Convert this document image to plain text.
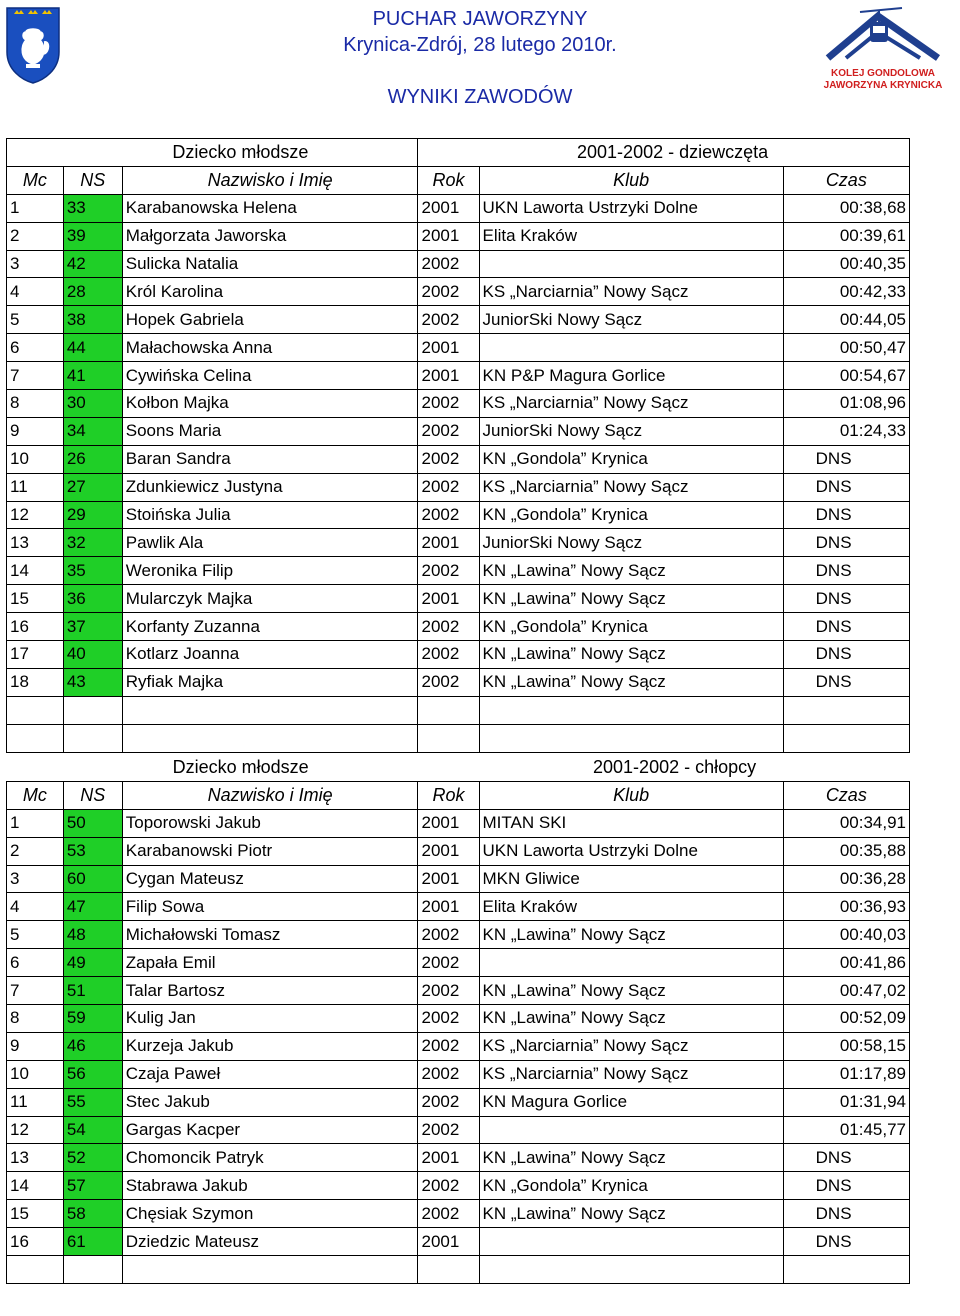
PUCHAR JAWORZYNY
Krynica-Zdrój, 28 lutego 2010r.
WYNIKI ZAWODÓW
KOLEJ GONDOLOWA
JAWORZYNA KRYNICKA
	Dziecko młodsze			2001-2002 - dziewczęta	
Mc	NS	Nazwisko i Imię	Rok	Klub	Czas
1	33	Karabanowska Helena	2001	UKN Laworta Ustrzyki Dolne	00:38,68
2	39	Małgorzata Jaworska	2001	Elita Kraków	00:39,61
3	42	Sulicka Natalia	2002		00:40,35
4	28	Król Karolina	2002	KS „Narciarnia” Nowy Sącz	00:42,33
5	38	Hopek Gabriela	2002	JuniorSki Nowy Sącz	00:44,05
6	44	Małachowska Anna	2001		00:50,47
7	41	Cywińska Celina	2001	KN P&P Magura Gorlice	00:54,67
8	30	Kołbon Majka	2002	KS „Narciarnia” Nowy Sącz	01:08,96
9	34	Soons Maria	2002	JuniorSki Nowy Sącz	01:24,33
10	26	Baran Sandra	2002	KN „Gondola” Krynica	DNS
11	27	Zdunkiewicz Justyna	2002	KS „Narciarnia” Nowy Sącz	DNS
12	29	Stoińska Julia	2002	KN „Gondola” Krynica	DNS
13	32	Pawlik Ala	2001	JuniorSki Nowy Sącz	DNS
14	35	Weronika Filip	2002	KN „Lawina” Nowy Sącz	DNS
15	36	Mularczyk Majka	2001	KN „Lawina” Nowy Sącz	DNS
16	37	Korfanty Zuzanna	2002	KN „Gondola” Krynica	DNS
17	40	Kotlarz Joanna	2002	KN „Lawina” Nowy Sącz	DNS
18	43	Ryfiak Majka	2002	KN „Lawina” Nowy Sącz	DNS

	Dziecko młodsze			2001-2002 - chłopcy	
Mc	NS	Nazwisko i Imię	Rok	Klub	Czas
1	50	Toporowski Jakub	2001	MITAN SKI	00:34,91
2	53	Karabanowski Piotr	2001	UKN Laworta Ustrzyki Dolne	00:35,88
3	60	Cygan Mateusz	2001	MKN Gliwice	00:36,28
4	47	Filip Sowa	2001	Elita Kraków	00:36,93
5	48	Michałowski Tomasz	2002	KN „Lawina” Nowy Sącz	00:40,03
6	49	Zapała Emil	2002		00:41,86
7	51	Talar Bartosz	2002	KN „Lawina” Nowy Sącz	00:47,02
8	59	Kulig Jan	2002	KN „Lawina” Nowy Sącz	00:52,09
9	46	Kurzeja Jakub	2002	KS „Narciarnia” Nowy Sącz	00:58,15
10	56	Czaja Paweł	2002	KS „Narciarnia” Nowy Sącz	01:17,89
11	55	Stec Jakub	2002	KN Magura Gorlice	01:31,94
12	54	Gargas Kacper	2002		01:45,77
13	52	Chomoncik Patryk	2001	KN „Lawina” Nowy Sącz	DNS
14	57	Stabrawa Jakub	2002	KN „Gondola” Krynica	DNS
15	58	Chęsiak Szymon	2002	KN „Lawina” Nowy Sącz	DNS
16	61	Dziedzic Mateusz	2001		DNS
